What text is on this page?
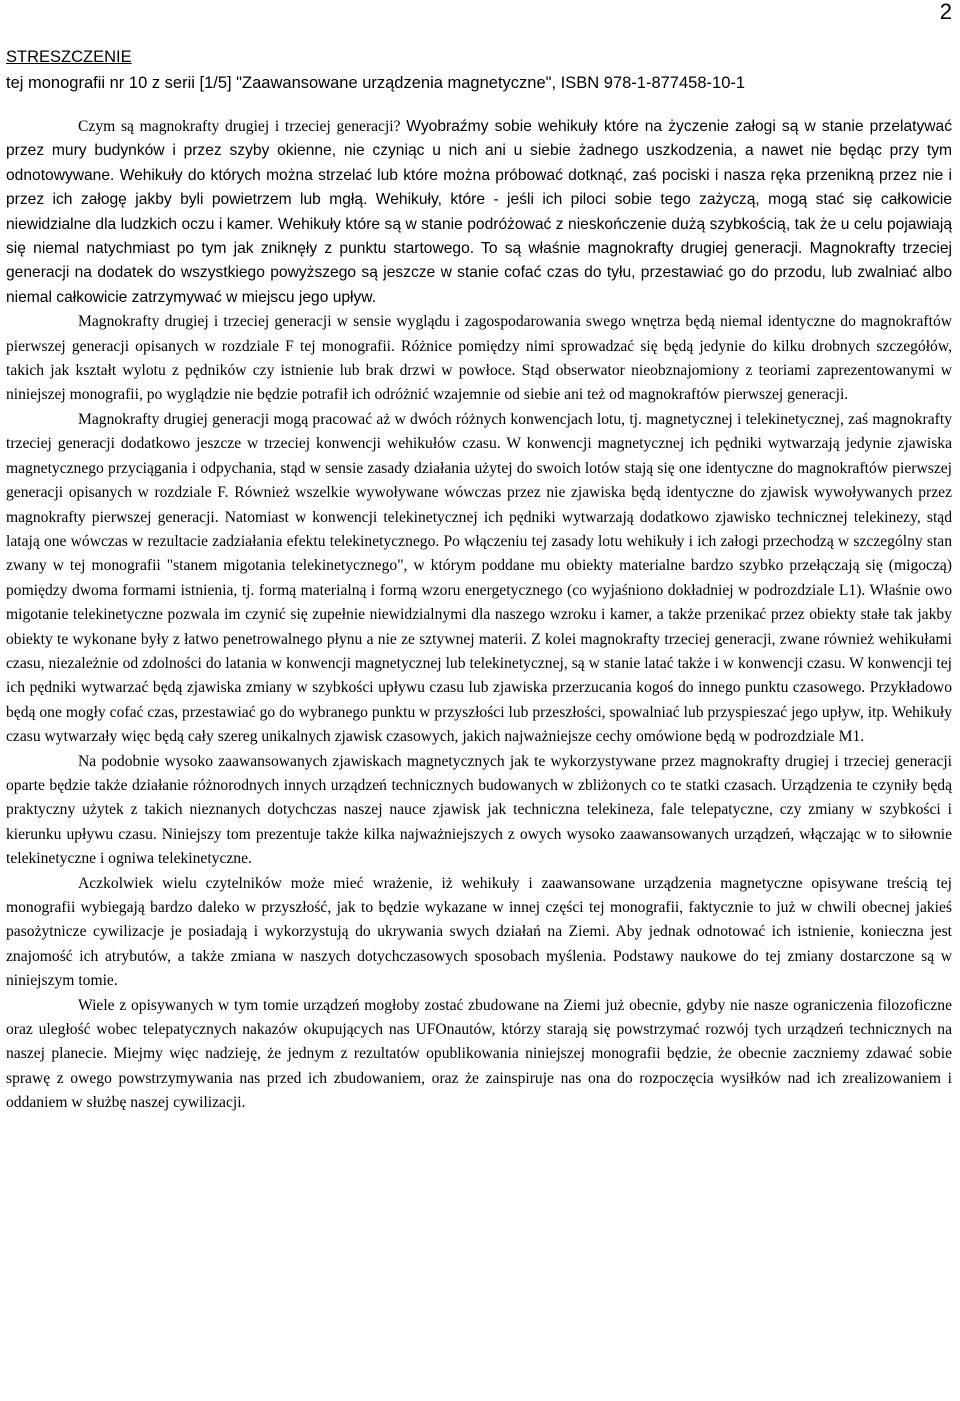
2
STRESZCZENIE
tej monografii nr 10 z serii [1/5] "Zaawansowane urządzenia magnetyczne", ISBN 978-1-877458-10-1

Czym są magnokrafty drugiej i trzeciej generacji? Wyobraźmy sobie wehikuły które na życzenie załogi są w stanie przelatywać przez mury budynków i przez szyby okienne, nie czyniąc u nich ani u siebie żadnego uszkodzenia, a nawet nie będąc przy tym odnotowywane. Wehikuły do których można strzelać lub które można próbować dotknąć, zaś pociski i nasza ręka przenikną przez nie i przez ich załogę jakby byli powietrzem lub mgłą. Wehikuły, które - jeśli ich piloci sobie tego zażyczą, mogą stać się całkowicie niewidzialne dla ludzkich oczu i kamer. Wehikuły które są w stanie podróżować z nieskończenie dużą szybkością, tak że u celu pojawiają się niemal natychmiast po tym jak zniknęły z punktu startowego. To są właśnie magnokrafty drugiej generacji. Magnokrafty trzeciej generacji na dodatek do wszystkiego powyższego są jeszcze w stanie cofać czas do tyłu, przestawiać go do przodu, lub zwalniać albo niemal całkowicie zatrzymywać w miejscu jego upływ.

Magnokrafty drugiej i trzeciej generacji w sensie wyglądu i zagospodarowania swego wnętrza będą niemal identyczne do magnokraftów pierwszej generacji opisanych w rozdziale F tej monografii. Różnice pomiędzy nimi sprowadzać się będą jedynie do kilku drobnych szczegółów, takich jak kształt wylotu z pędników czy istnienie lub brak drzwi w powłoce. Stąd obserwator nieobznajomiony z teoriami zaprezentowanymi w niniejszej monografii, po wyglądzie nie będzie potrafił ich odróżnić wzajemnie od siebie ani też od magnokraftów pierwszej generacji.

Magnokrafty drugiej generacji mogą pracować aż w dwóch różnych konwencjach lotu, tj. magnetycznej i telekinetycznej, zaś magnokrafty trzeciej generacji dodatkowo jeszcze w trzeciej konwencji wehikułów czasu. W konwencji magnetycznej ich pędniki wytwarzają jedynie zjawiska magnetycznego przyciągania i odpychania, stąd w sensie zasady działania użytej do swoich lotów stają się one identyczne do magnokraftów pierwszej generacji opisanych w rozdziale F. Również wszelkie wywoływane wówczas przez nie zjawiska będą identyczne do zjawisk wywoływanych przez magnokrafty pierwszej generacji. Natomiast w konwencji telekinetycznej ich pędniki wytwarzają dodatkowo zjawisko technicznej telekinezy, stąd latają one wówczas w rezultacie zadziałania efektu telekinetycznego. Po włączeniu tej zasady lotu wehikuły i ich załogi przechodzą w szczególny stan zwany w tej monografii "stanem migotania telekinetycznego", w którym poddane mu obiekty materialne bardzo szybko przełączają się (migoczą) pomiędzy dwoma formami istnienia, tj. formą materialną i formą wzoru energetycznego (co wyjaśniono dokładniej w podrozdziale L1). Właśnie owo migotanie telekinetyczne pozwala im czynić się zupełnie niewidzialnymi dla naszego wzroku i kamer, a także przenikać przez obiekty stałe tak jakby obiekty te wykonane były z łatwo penetrowalnego płynu a nie ze sztywnej materii. Z kolei magnokrafty trzeciej generacji, zwane również wehikułami czasu, niezależnie od zdolności do latania w konwencji magnetycznej lub telekinetycznej, są w stanie latać także i w konwencji czasu. W konwencji tej ich pędniki wytwarzać będą zjawiska zmiany w szybkości upływu czasu lub zjawiska przerzucania kogoś do innego punktu czasowego. Przykładowo będą one mogły cofać czas, przestawiać go do wybranego punktu w przyszłości lub przeszłości, spowalniać lub przyspieszać jego upływ, itp. Wehikuły czasu wytwarzały więc będą cały szereg unikalnych zjawisk czasowych, jakich najważniejsze cechy omówione będą w podrozdziale M1.

Na podobnie wysoko zaawansowanych zjawiskach magnetycznych jak te wykorzystywane przez magnokrafty drugiej i trzeciej generacji oparte będzie także działanie różnorodnych innych urządzeń technicznych budowanych w zbliżonych co te statki czasach. Urządzenia te czyniły będą praktyczny użytek z takich nieznanych dotychczas naszej nauce zjawisk jak techniczna telekineza, fale telepatyczne, czy zmiany w szybkości i kierunku upływu czasu. Niniejszy tom prezentuje także kilka najważniejszych z owych wysoko zaawansowanych urządzeń, włączając w to siłownie telekinetyczne i ogniwa telekinetyczne.

Aczkolwiek wielu czytelników może mieć wrażenie, iż wehikuły i zaawansowane urządzenia magnetyczne opisywane treścią tej monografii wybiegają bardzo daleko w przyszłość, jak to będzie wykazane w innej części tej monografii, faktycznie to już w chwili obecnej jakieś pasożytnicze cywilizacje je posiadają i wykorzystują do ukrywania swych działań na Ziemi. Aby jednak odnotować ich istnienie, konieczna jest znajomość ich atrybutów, a także zmiana w naszych dotychczasowych sposobach myślenia. Podstawy naukowe do tej zmiany dostarczone są w niniejszym tomie.

Wiele z opisywanych w tym tomie urządzeń mogłoby zostać zbudowane na Ziemi już obecnie, gdyby nie nasze ograniczenia filozoficzne oraz uległość wobec telepatycznych nakazów okupujących nas UFOnautów, którzy starają się powstrzymać rozwój tych urządzeń technicznych na naszej planecie. Miejmy więc nadzieję, że jednym z rezultatów opublikowania niniejszej monografii będzie, że obecnie zaczniemy zdawać sobie sprawę z owego powstrzymywania nas przed ich zbudowaniem, oraz że zainspiruje nas ona do rozpoczęcia wysiłków nad ich zrealizowaniem i oddaniem w służbę naszej cywilizacji.
